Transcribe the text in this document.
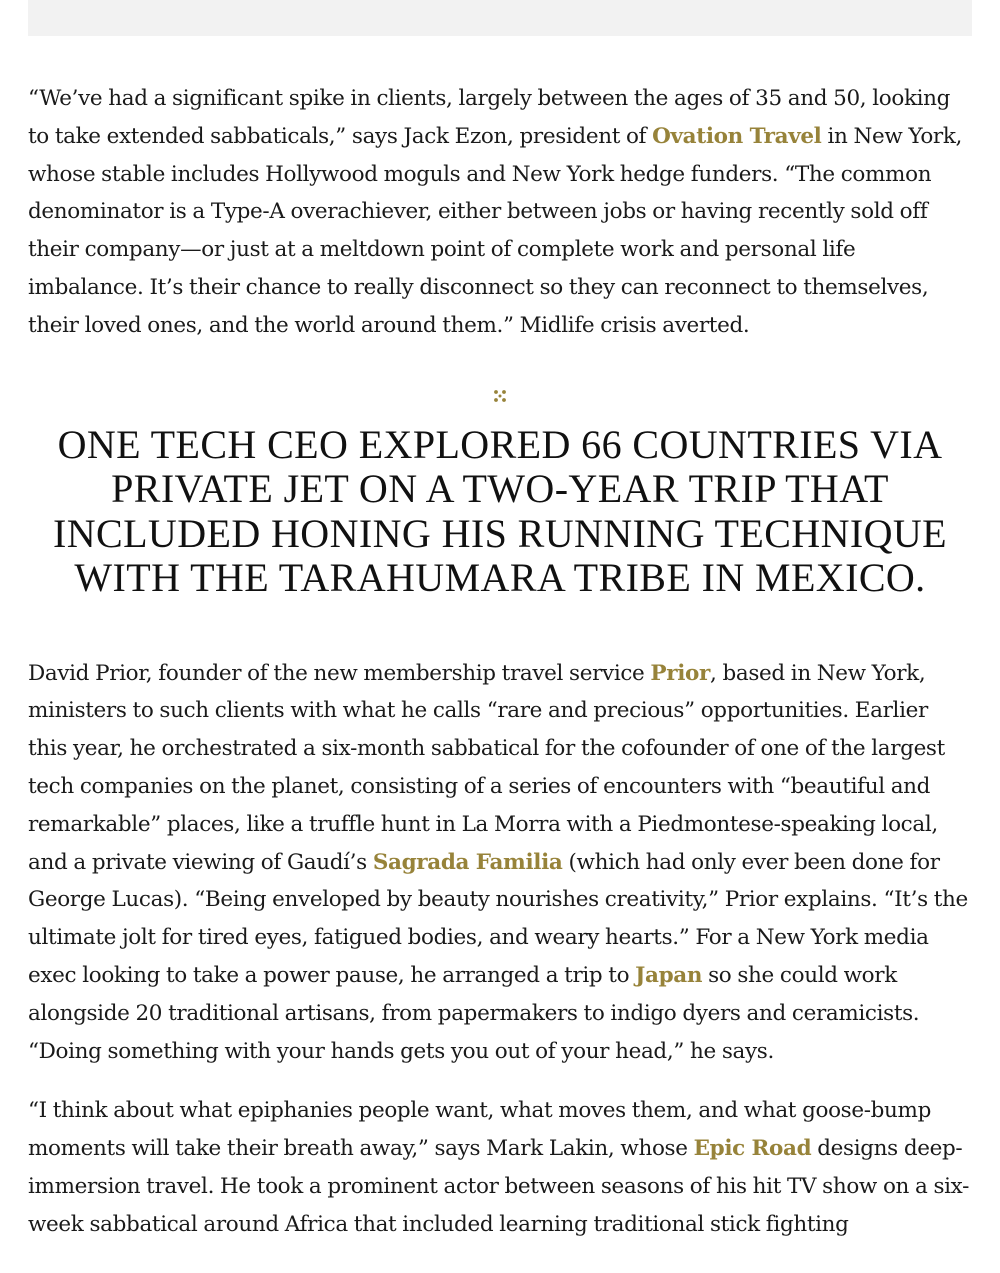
“We’ve had a significant spike in clients, largely between the ages of 35 and 50, looking to take extended sabbaticals,” says Jack Ezon, president of Ovation Travel in New York, whose stable includes Hollywood moguls and New York hedge funders. “The common denominator is a Type-A overachiever, either between jobs or having recently sold off their company—or just at a meltdown point of complete work and personal life imbalance. It’s their chance to really disconnect so they can reconnect to themselves, their loved ones, and the world around them.” Midlife crisis averted.

ONE TECH CEO EXPLORED 66 COUNTRIES VIA PRIVATE JET ON A TWO-YEAR TRIP THAT INCLUDED HONING HIS RUNNING TECHNIQUE WITH THE TARAHUMARA TRIBE IN MEXICO.

David Prior, founder of the new membership travel service Prior, based in New York, ministers to such clients with what he calls “rare and precious” opportunities. Earlier this year, he orchestrated a six-month sabbatical for the cofounder of one of the largest tech companies on the planet, consisting of a series of encounters with “beautiful and remarkable” places, like a truffle hunt in La Morra with a Piedmontese-speaking local, and a private viewing of Gaudí’s Sagrada Familia (which had only ever been done for George Lucas). “Being enveloped by beauty nourishes creativity,” Prior explains. “It’s the ultimate jolt for tired eyes, fatigued bodies, and weary hearts.” For a New York media exec looking to take a power pause, he arranged a trip to Japan so she could work alongside 20 traditional artisans, from papermakers to indigo dyers and ceramicists. “Doing something with your hands gets you out of your head,” he says.

“I think about what epiphanies people want, what moves them, and what goose-bump moments will take their breath away,” says Mark Lakin, whose Epic Road designs deep-immersion travel. He took a prominent actor between seasons of his hit TV show on a six-week sabbatical around Africa that included learning traditional stick fighting
